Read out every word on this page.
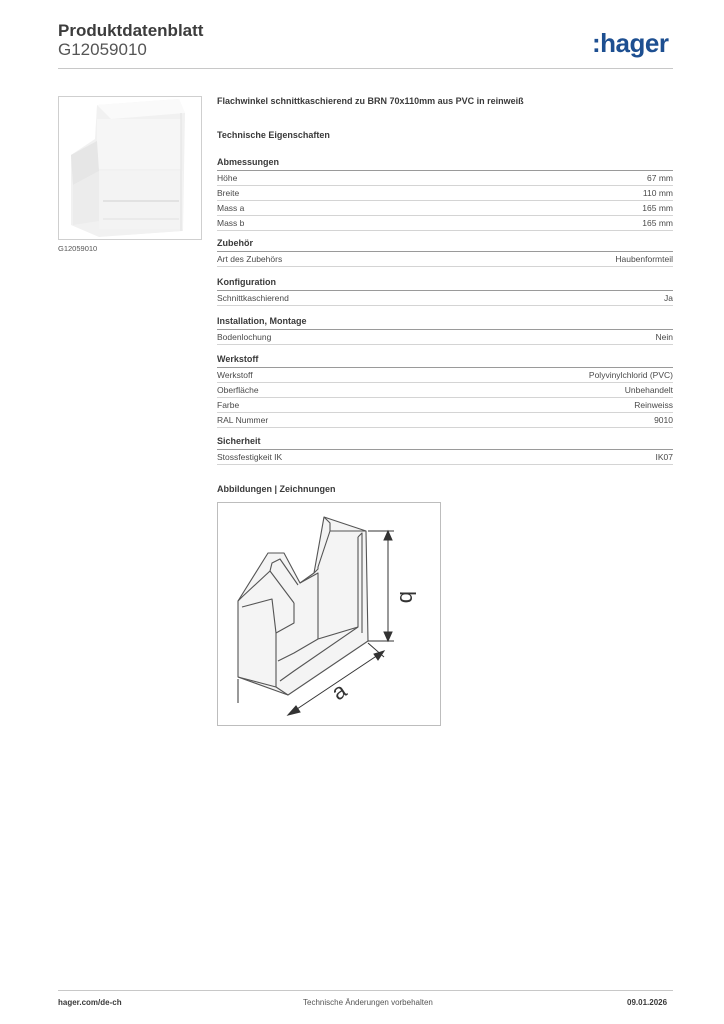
Produktdatenblatt
G12059010	:hager
G12059010
Flachwinkel schnittkaschierend zu BRN 70x110mm aus PVC in reinweiß
Technische Eigenschaften
Abmessungen
Höhe	67 mm
Breite	110 mm
Mass a	165 mm
Mass b	165 mm
Zubehör
Art des Zubehörs	Haubenformteil
Konfiguration
Schnittkaschierend	Ja
Installation, Montage
Bodenlochung	Nein
Werkstoff
Werkstoff	Polyvinylchlorid (PVC)
Oberfläche	Unbehandelt
Farbe	Reinweiss
RAL Nummer	9010
Sicherheit
Stossfestigkeit IK	IK07
Abbildungen | Zeichnungen
b
a
hager.com/de-ch	Technische Änderungen vorbehalten	09.01.2026
